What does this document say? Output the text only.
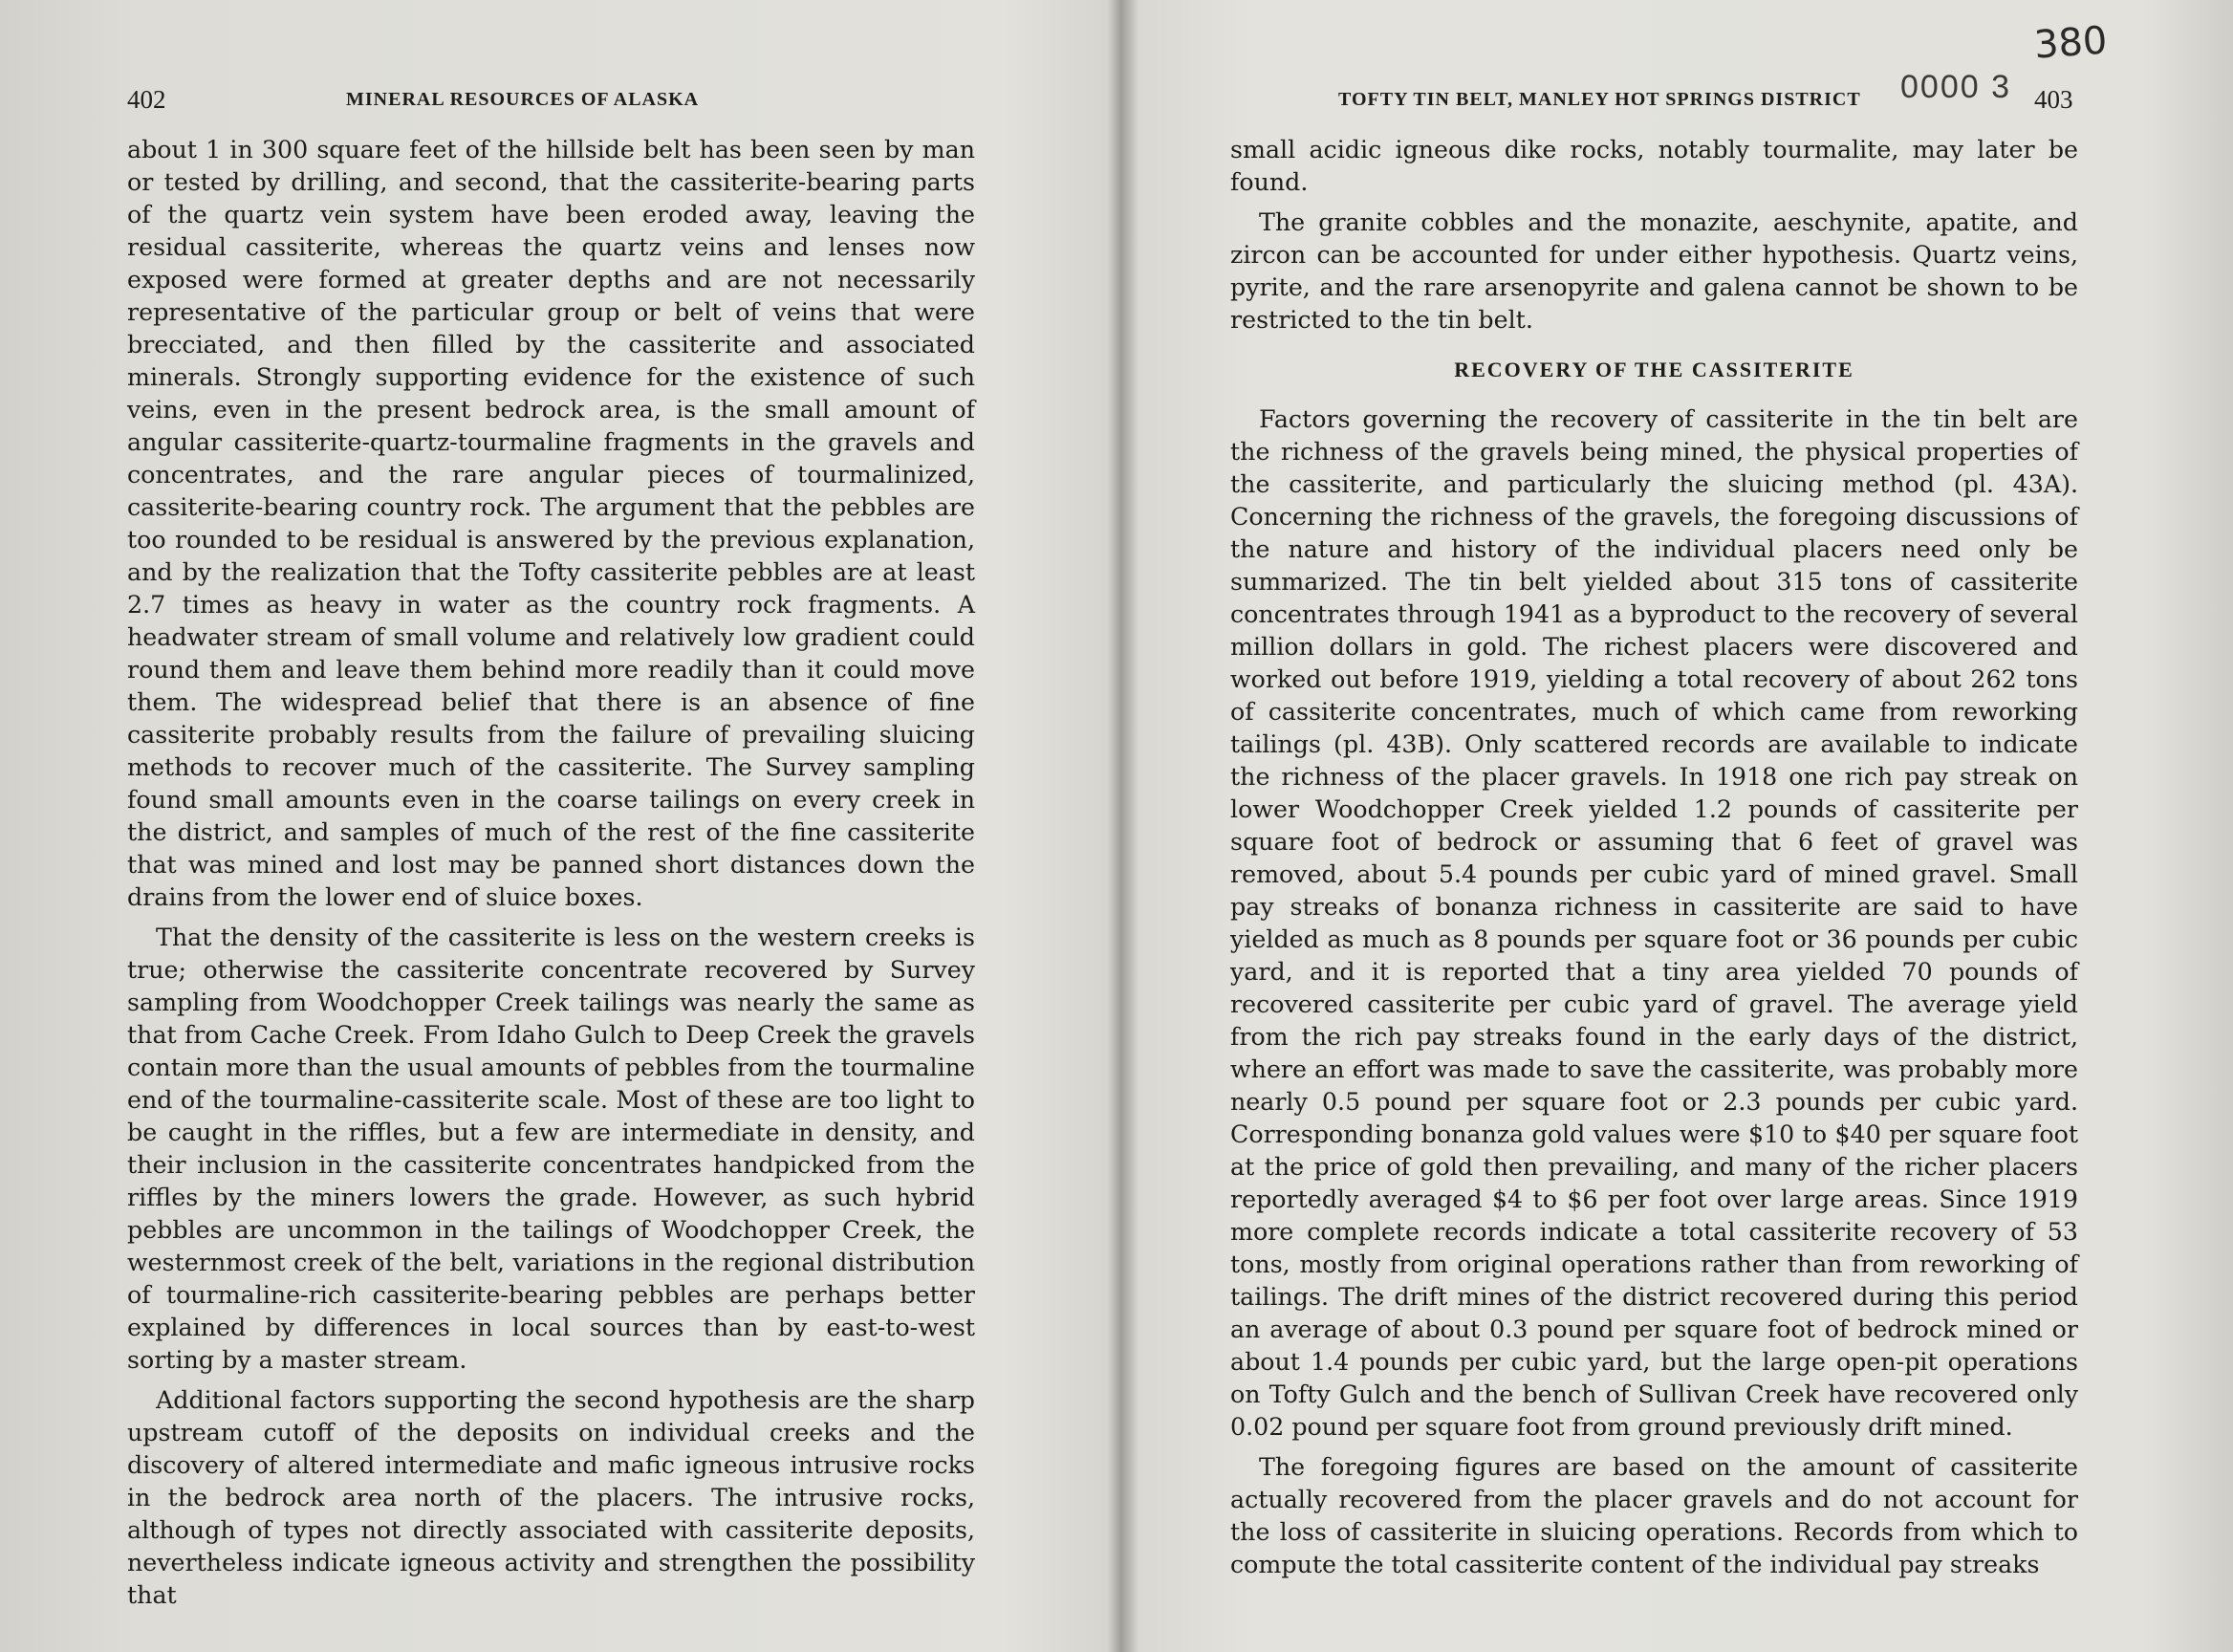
402	MINERAL RESOURCES OF ALASKA

about 1 in 300 square feet of the hillside belt has been seen by man or tested by drilling, and second, that the cassiterite-bearing parts of the quartz vein system have been eroded away, leaving the residual cassiterite, whereas the quartz veins and lenses now exposed were formed at greater depths and are not necessarily representative of the particular group or belt of veins that were brecciated, and then filled by the cassiterite and associated minerals. Strongly supporting evidence for the existence of such veins, even in the present bedrock area, is the small amount of angular cassiterite-quartz-tourmaline fragments in the gravels and concentrates, and the rare angular pieces of tourmalinized, cassiterite-bearing country rock. The argument that the pebbles are too rounded to be residual is answered by the previous explanation, and by the realization that the Tofty cassiterite pebbles are at least 2.7 times as heavy in water as the country rock fragments. A headwater stream of small volume and relatively low gradient could round them and leave them behind more readily than it could move them. The widespread belief that there is an absence of fine cassiterite probably results from the failure of prevailing sluicing methods to recover much of the cassiterite. The Survey sampling found small amounts even in the coarse tailings on every creek in the district, and samples of much of the rest of the fine cassiterite that was mined and lost may be panned short distances down the drains from the lower end of sluice boxes.

That the density of the cassiterite is less on the western creeks is true; otherwise the cassiterite concentrate recovered by Survey sampling from Woodchopper Creek tailings was nearly the same as that from Cache Creek. From Idaho Gulch to Deep Creek the gravels contain more than the usual amounts of pebbles from the tourmaline end of the tourmaline-cassiterite scale. Most of these are too light to be caught in the riffles, but a few are intermediate in density, and their inclusion in the cassiterite concentrates handpicked from the riffles by the miners lowers the grade. However, as such hybrid pebbles are uncommon in the tailings of Woodchopper Creek, the westernmost creek of the belt, variations in the regional distribution of tourmaline-rich cassiterite-bearing pebbles are perhaps better explained by differences in local sources than by east-to-west sorting by a master stream.

Additional factors supporting the second hypothesis are the sharp upstream cutoff of the deposits on individual creeks and the discovery of altered intermediate and mafic igneous intrusive rocks in the bedrock area north of the placers. The intrusive rocks, although of types not directly associated with cassiterite deposits, nevertheless indicate igneous activity and strengthen the possibility that

380
TOFTY TIN BELT, MANLEY HOT SPRINGS DISTRICT 0000 3 403

small acidic igneous dike rocks, notably tourmalite, may later be found.

The granite cobbles and the monazite, aeschynite, apatite, and zircon can be accounted for under either hypothesis. Quartz veins, pyrite, and the rare arsenopyrite and galena cannot be shown to be restricted to the tin belt.

RECOVERY OF THE CASSITERITE

Factors governing the recovery of cassiterite in the tin belt are the richness of the gravels being mined, the physical properties of the cassiterite, and particularly the sluicing method (pl. 43A). Concerning the richness of the gravels, the foregoing discussions of the nature and history of the individual placers need only be summarized. The tin belt yielded about 315 tons of cassiterite concentrates through 1941 as a byproduct to the recovery of several million dollars in gold. The richest placers were discovered and worked out before 1919, yielding a total recovery of about 262 tons of cassiterite concentrates, much of which came from reworking tailings (pl. 43B). Only scattered records are available to indicate the richness of the placer gravels. In 1918 one rich pay streak on lower Woodchopper Creek yielded 1.2 pounds of cassiterite per square foot of bedrock or assuming that 6 feet of gravel was removed, about 5.4 pounds per cubic yard of mined gravel. Small pay streaks of bonanza richness in cassiterite are said to have yielded as much as 8 pounds per square foot or 36 pounds per cubic yard, and it is reported that a tiny area yielded 70 pounds of recovered cassiterite per cubic yard of gravel. The average yield from the rich pay streaks found in the early days of the district, where an effort was made to save the cassiterite, was probably more nearly 0.5 pound per square foot or 2.3 pounds per cubic yard. Corresponding bonanza gold values were $10 to $40 per square foot at the price of gold then prevailing, and many of the richer placers reportedly averaged $4 to $6 per foot over large areas. Since 1919 more complete records indicate a total cassiterite recovery of 53 tons, mostly from original operations rather than from reworking of tailings. The drift mines of the district recovered during this period an average of about 0.3 pound per square foot of bedrock mined or about 1.4 pounds per cubic yard, but the large open-pit operations on Tofty Gulch and the bench of Sullivan Creek have recovered only 0.02 pound per square foot from ground previously drift mined.

The foregoing figures are based on the amount of cassiterite actually recovered from the placer gravels and do not account for the loss of cassiterite in sluicing operations. Records from which to compute the total cassiterite content of the individual pay streaks
